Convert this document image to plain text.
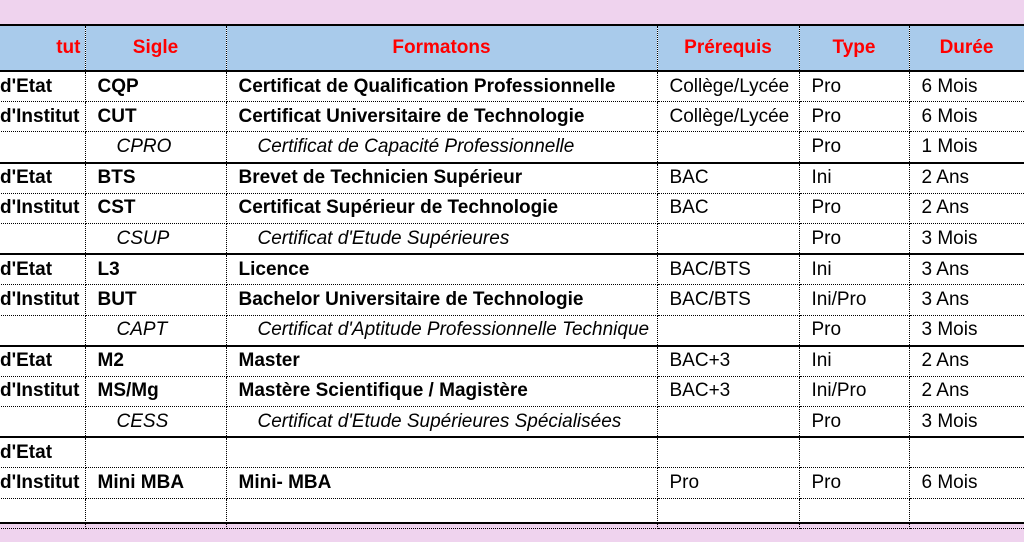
tut	Sigle	Formatons	Prérequis	Type	Durée
d'Etat	CQP	Certificat de Qualification Professionnelle	Collège/Lycée	Pro	6 Mois
d'Institut	CUT	Certificat Universitaire de Technologie	Collège/Lycée	Pro	6 Mois
	CPRO	Certificat de Capacité Professionnelle		Pro	1 Mois
d'Etat	BTS	Brevet de Technicien Supérieur	BAC	Ini	2 Ans
d'Institut	CST	Certificat Supérieur de Technologie	BAC	Pro	2 Ans
	CSUP	Certificat d'Etude Supérieures		Pro	3 Mois
d'Etat	L3	Licence	BAC/BTS	Ini	3 Ans
d'Institut	BUT	Bachelor Universitaire de Technologie	BAC/BTS	Ini/Pro	3 Ans
	CAPT	Certificat d'Aptitude Professionnelle Technique		Pro	3 Mois
d'Etat	M2	Master	BAC+3	Ini	2 Ans
d'Institut	MS/Mg	Mastère Scientifique / Magistère	BAC+3	Ini/Pro	2 Ans
	CESS	Certificat d'Etude Supérieures Spécialisées		Pro	3 Mois
d'Etat					
d'Institut	Mini MBA	Mini- MBA	Pro	Pro	6 Mois
